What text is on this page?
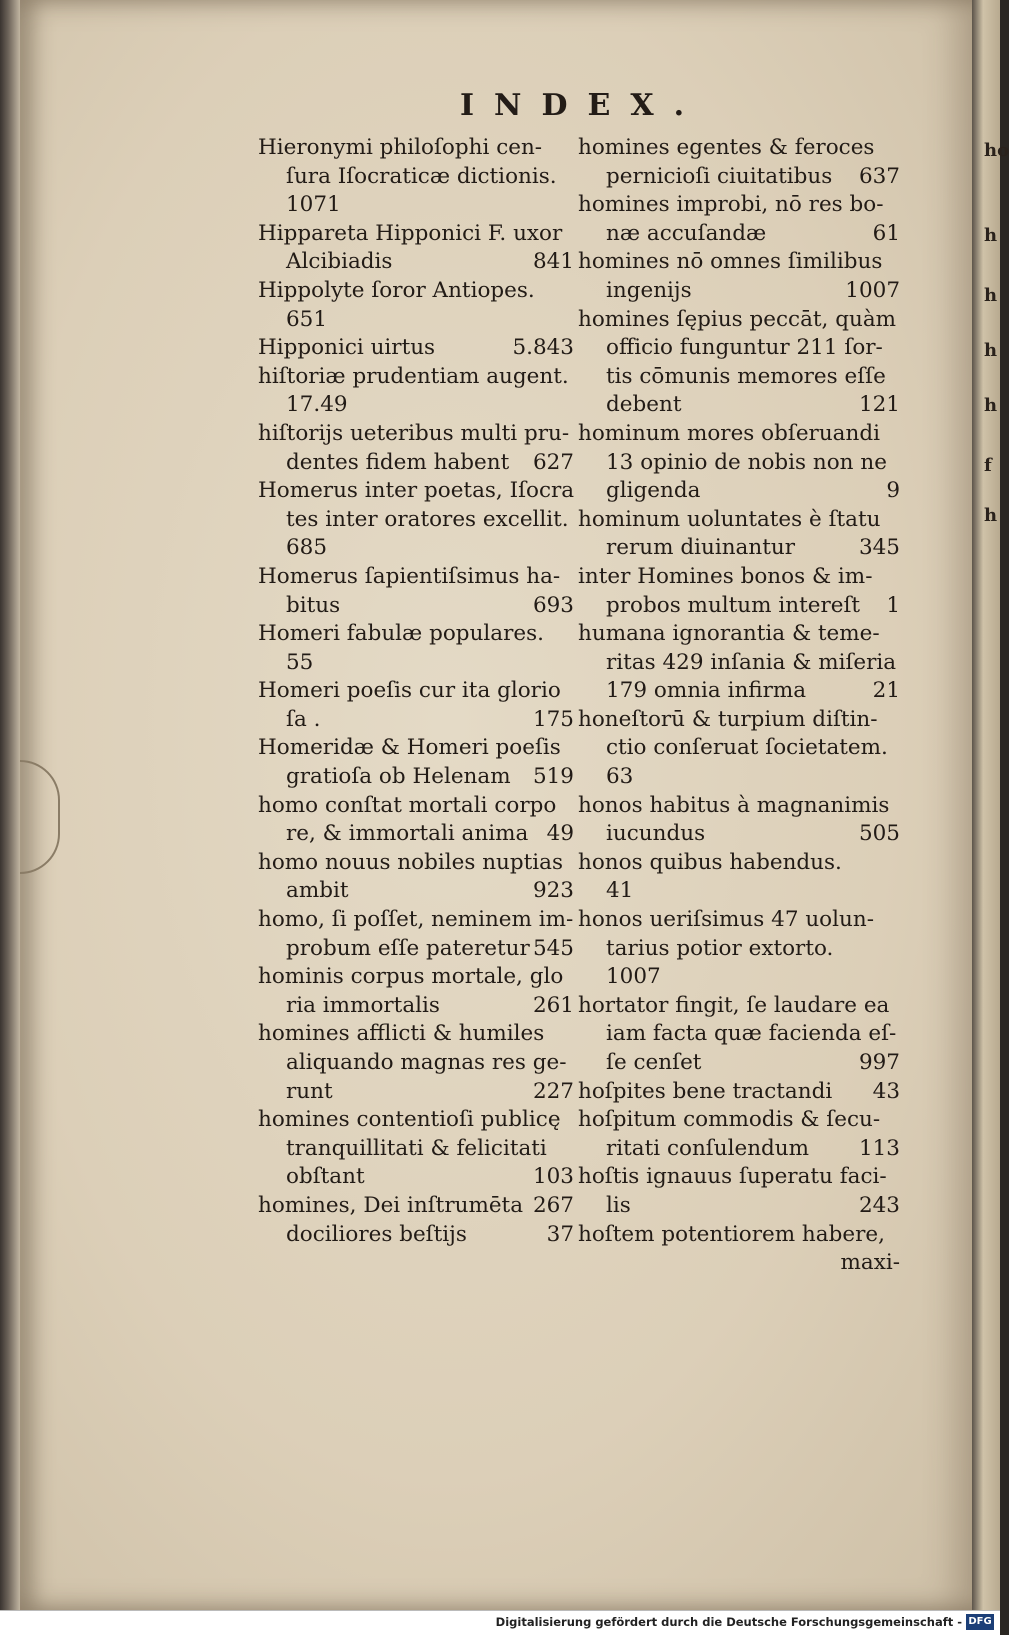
ho
h
h
h
h
f
h
INDEX.
Hieronymi philoſophi cen-
ſura Iſocraticæ dictionis.
1071
Hippareta Hipponici F. uxor
Alcibiadis	841
Hippolyte ſoror Antiopes.
651
Hipponici uirtus	5.843
hiſtoriæ prudentiam augent.
17.49
hiſtorijs ueteribus multi pru-
dentes fidem habent 627
Homerus inter poetas, Iſocra
tes inter oratores excellit.
685
Homerus ſapientiſsimus ha-
bitus	693
Homeri fabulæ populares.
55
Homeri poeſis cur ita glorio
ſa .	175
Homeridæ & Homeri poeſis
gratioſa ob Helenam 519
homo conſtat mortali corpo
re, & immortali anima 49
homo nouus nobiles nuptias
ambit	923
homo, ſi poſſet, neminem im-
probum eſſe pateretur 545
hominis corpus mortale, glo
ria immortalis	261
homines afflicti & humiles
aliquando magnas res ge-
runt	227
homines contentioſi publicę
tranquillitati & felicitati
obſtant	103
homines, Dei inſtrumēta 267
dociliores beſtijs	37
homines egentes & feroces
pernicioſi ciuitatibus 637
homines improbi, nō res bo-
næ accuſandæ	61
homines nō omnes ſimilibus
ingenijs	1007
homines ſępius peccāt, quàm
officio funguntur 211 ſor-
tis cōmunis memores eſſe
debent	121
hominum mores obſeruandi
13 opinio de nobis non ne
gligenda	9
hominum uoluntates è ſtatu
rerum diuinantur	345
inter Homines bonos & im-
probos multum intereſt 1
humana ignorantia & teme-
ritas 429 inſania & miſeria
179 omnia infirma	21
honeſtorū & turpium diſtin-
ctio conſeruat ſocietatem.
63
honos habitus à magnanimis
iucundus	505
honos quibus habendus.
41
honos ueriſsimus 47 uolun-
tarius potior extorto.
1007
hortator fingit, ſe laudare ea
iam facta quæ facienda eſ-
ſe cenſet	997
hoſpites bene tractandi 43
hoſpitum commodis & ſecu-
ritati conſulendum 113
hoſtis ignauus ſuperatu faci-
lis	243
hoſtem potentiorem habere,
maxi-
Digitalisierung gefördert durch die Deutsche Forschungsgemeinschaft - DFG
